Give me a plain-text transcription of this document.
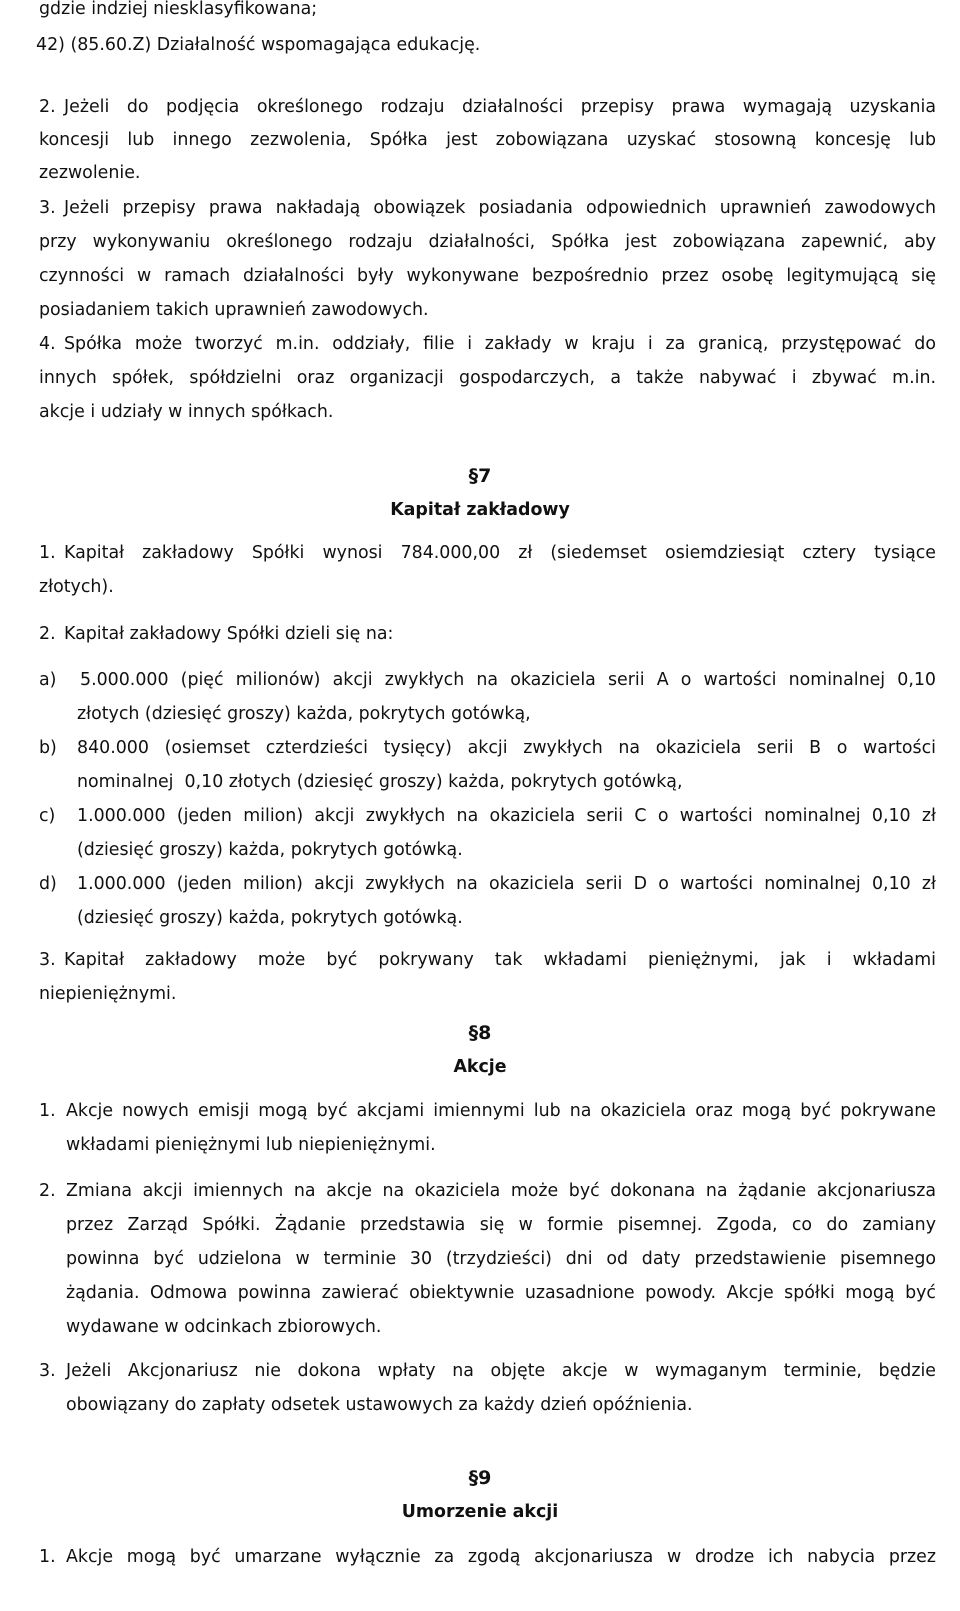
gdzie indziej niesklasyfikowana;
42) (85.60.Z) Działalność wspomagająca edukację.
2. Jeżeli do podjęcia określonego rodzaju działalności przepisy prawa wymagają uzyskania
koncesji lub innego zezwolenia, Spółka jest zobowiązana uzyskać stosowną koncesję lub
zezwolenie.
3. Jeżeli przepisy prawa nakładają obowiązek posiadania odpowiednich uprawnień zawodowych
przy wykonywaniu określonego rodzaju działalności, Spółka jest zobowiązana zapewnić, aby
czynności w ramach działalności były wykonywane bezpośrednio przez osobę legitymującą się
posiadaniem takich uprawnień zawodowych.
4. Spółka może tworzyć m.in. oddziały, filie i zakłady w kraju i za granicą, przystępować do
innych spółek, spółdzielni oraz organizacji gospodarczych, a także nabywać i zbywać m.in.
akcje i udziały w innych spółkach.
§7
Kapitał zakładowy
1. Kapitał zakładowy Spółki wynosi 784.000,00 zł (siedemset osiemdziesiąt cztery tysiące
złotych).
2. Kapitał zakładowy Spółki dzieli się na:
a) 5.000.000 (pięć milionów) akcji zwykłych na okaziciela serii A o wartości nominalnej 0,10
złotych (dziesięć groszy) każda, pokrytych gotówką,
b) 840.000 (osiemset czterdzieści tysięcy) akcji zwykłych na okaziciela serii B o wartości
nominalnej  0,10 złotych (dziesięć groszy) każda, pokrytych gotówką,
c) 1.000.000 (jeden milion) akcji zwykłych na okaziciela serii C o wartości nominalnej 0,10 zł
(dziesięć groszy) każda, pokrytych gotówką.
d) 1.000.000 (jeden milion) akcji zwykłych na okaziciela serii D o wartości nominalnej 0,10 zł
(dziesięć groszy) każda, pokrytych gotówką.
3. Kapitał zakładowy może być pokrywany tak wkładami pieniężnymi, jak i wkładami
niepieniężnymi.
§8
Akcje
1. Akcje nowych emisji mogą być akcjami imiennymi lub na okaziciela oraz mogą być pokrywane
wkładami pieniężnymi lub niepieniężnymi.
2. Zmiana akcji imiennych na akcje na okaziciela może być dokonana na żądanie akcjonariusza
przez Zarząd Spółki. Żądanie przedstawia się w formie pisemnej. Zgoda, co do zamiany
powinna być udzielona w terminie 30 (trzydzieści) dni od daty przedstawienie pisemnego
żądania. Odmowa powinna zawierać obiektywnie uzasadnione powody. Akcje spółki mogą być
wydawane w odcinkach zbiorowych.
3. Jeżeli Akcjonariusz nie dokona wpłaty na objęte akcje w wymaganym terminie, będzie
obowiązany do zapłaty odsetek ustawowych za każdy dzień opóźnienia.
§9
Umorzenie akcji
1. Akcje mogą być umarzane wyłącznie za zgodą akcjonariusza w drodze ich nabycia przez
